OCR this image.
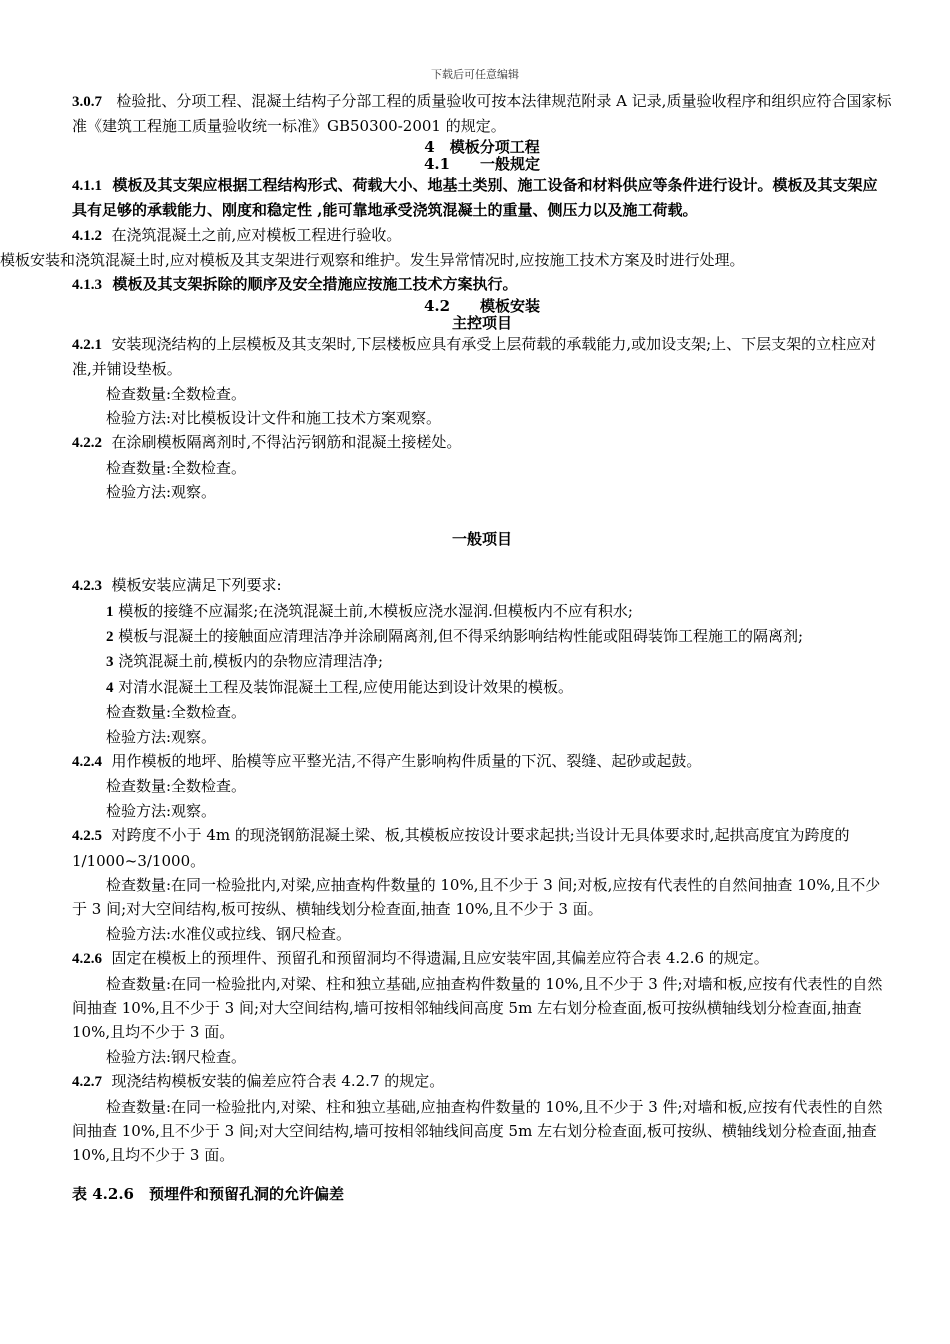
下载后可任意编辑

3.0.7 检验批、分项工程、混凝土结构子分部工程的质量验收可按本法律规范附录 A 记录,质量验收程序和组织应符合国家标准《建筑工程施工质量验收统一标准》GB50300-2001 的规定。

4　模板分项工程

4.1　　一般规定

4.1.1 模板及其支架应根据工程结构形式、荷载大小、地基土类别、施工设备和材料供应等条件进行设计。模板及其支架应具有足够的承载能力、刚度和稳定性 ,能可靠地承受浇筑混凝土的重量、侧压力以及施工荷载。

4.1.2 在浇筑混凝土之前,应对模板工程进行验收。

模板安装和浇筑混凝土时,应对模板及其支架进行观察和维护。发生异常情况时,应按施工技术方案及时进行处理。

4.1.3 模板及其支架拆除的顺序及安全措施应按施工技术方案执行。

4.2　　模板安装

主控项目

4.2.1 安装现浇结构的上层模板及其支架时,下层楼板应具有承受上层荷载的承载能力,或加设支架;上、下层支架的立柱应对准,并铺设垫板。

检查数量:全数检查。

检验方法:对比模板设计文件和施工技术方案观察。

4.2.2 在涂刷模板隔离剂时,不得沾污钢筋和混凝土接槎处。

检查数量:全数检查。

检验方法:观察。

一般项目

4.2.3 模板安装应满足下列要求:

1 模板的接缝不应漏浆;在浇筑混凝土前,木模板应浇水湿润.但模板内不应有积水;

2 模板与混凝土的接触面应清理洁净并涂刷隔离剂,但不得采纳影响结构性能或阻碍装饰工程施工的隔离剂;

3 浇筑混凝土前,模板内的杂物应清理洁净;

4 对清水混凝土工程及装饰混凝土工程,应使用能达到设计效果的模板。

检查数量:全数检查。

检验方法:观察。

4.2.4 用作模板的地坪、胎模等应平整光洁,不得产生影响构件质量的下沉、裂缝、起砂或起鼓。

检查数量:全数检查。

检验方法:观察。

4.2.5 对跨度不小于 4m 的现浇钢筋混凝土梁、板,其模板应按设计要求起拱;当设计无具体要求时,起拱高度宜为跨度的 1/1000~3/1000。

检查数量:在同一检验批内,对梁,应抽查构件数量的 10%,且不少于 3 间;对板,应按有代表性的自然间抽查 10%,且不少于 3 间;对大空间结构,板可按纵、横轴线划分检查面,抽查 10%,且不少于 3 面。

检验方法:水准仪或拉线、钢尺检查。

4.2.6 固定在模板上的预埋件、预留孔和预留洞均不得遗漏,且应安装牢固,其偏差应符合表 4.2.6 的规定。

检查数量:在同一检验批内,对梁、柱和独立基础,应抽查构件数量的 10%,且不少于 3 件;对墙和板,应按有代表性的自然间抽查 10%,且不少于 3 间;对大空间结构,墙可按相邻轴线间高度 5m 左右划分检查面,板可按纵横轴线划分检查面,抽查 10%,且均不少于 3 面。

检验方法:钢尺检查。

4.2.7 现浇结构模板安装的偏差应符合表 4.2.7 的规定。

检查数量:在同一检验批内,对梁、柱和独立基础,应抽查构件数量的 10%,且不少于 3 件;对墙和板,应按有代表性的自然间抽查 10%,且不少于 3 间;对大空间结构,墙可按相邻轴线间高度 5m 左右划分检查面,板可按纵、横轴线划分检查面,抽查 10%,且均不少于 3 面。

表 4.2.6　预埋件和预留孔洞的允许偏差
